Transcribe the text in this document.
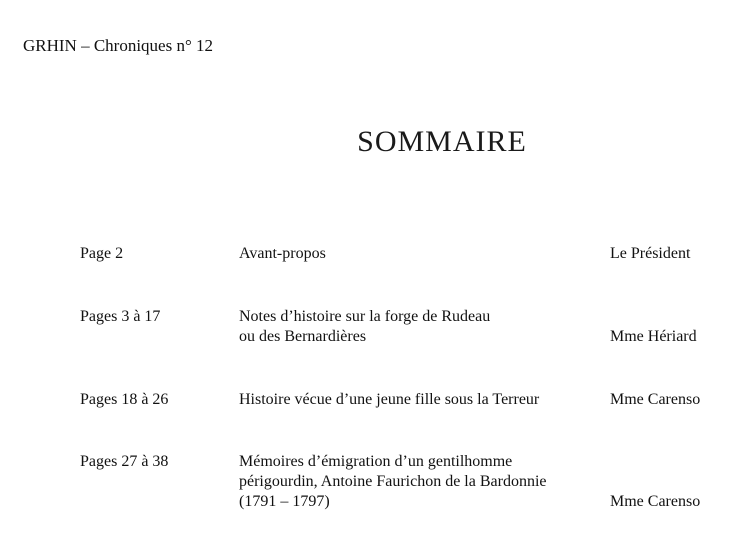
GRHIN – Chroniques n° 12
SOMMAIRE
Page 2	Avant-propos	Le Président
Pages 3 à 17	Notes d’histoire sur la forge de Rudeau
ou des Bernardières	Mme Hériard
Pages 18 à 26	Histoire vécue d’une jeune fille sous la Terreur	Mme Carenso
Pages 27 à 38	Mémoires d’émigration d’un gentilhomme
périgourdin, Antoine Faurichon de la Bardonnie
(1791 – 1797)	Mme Carenso
